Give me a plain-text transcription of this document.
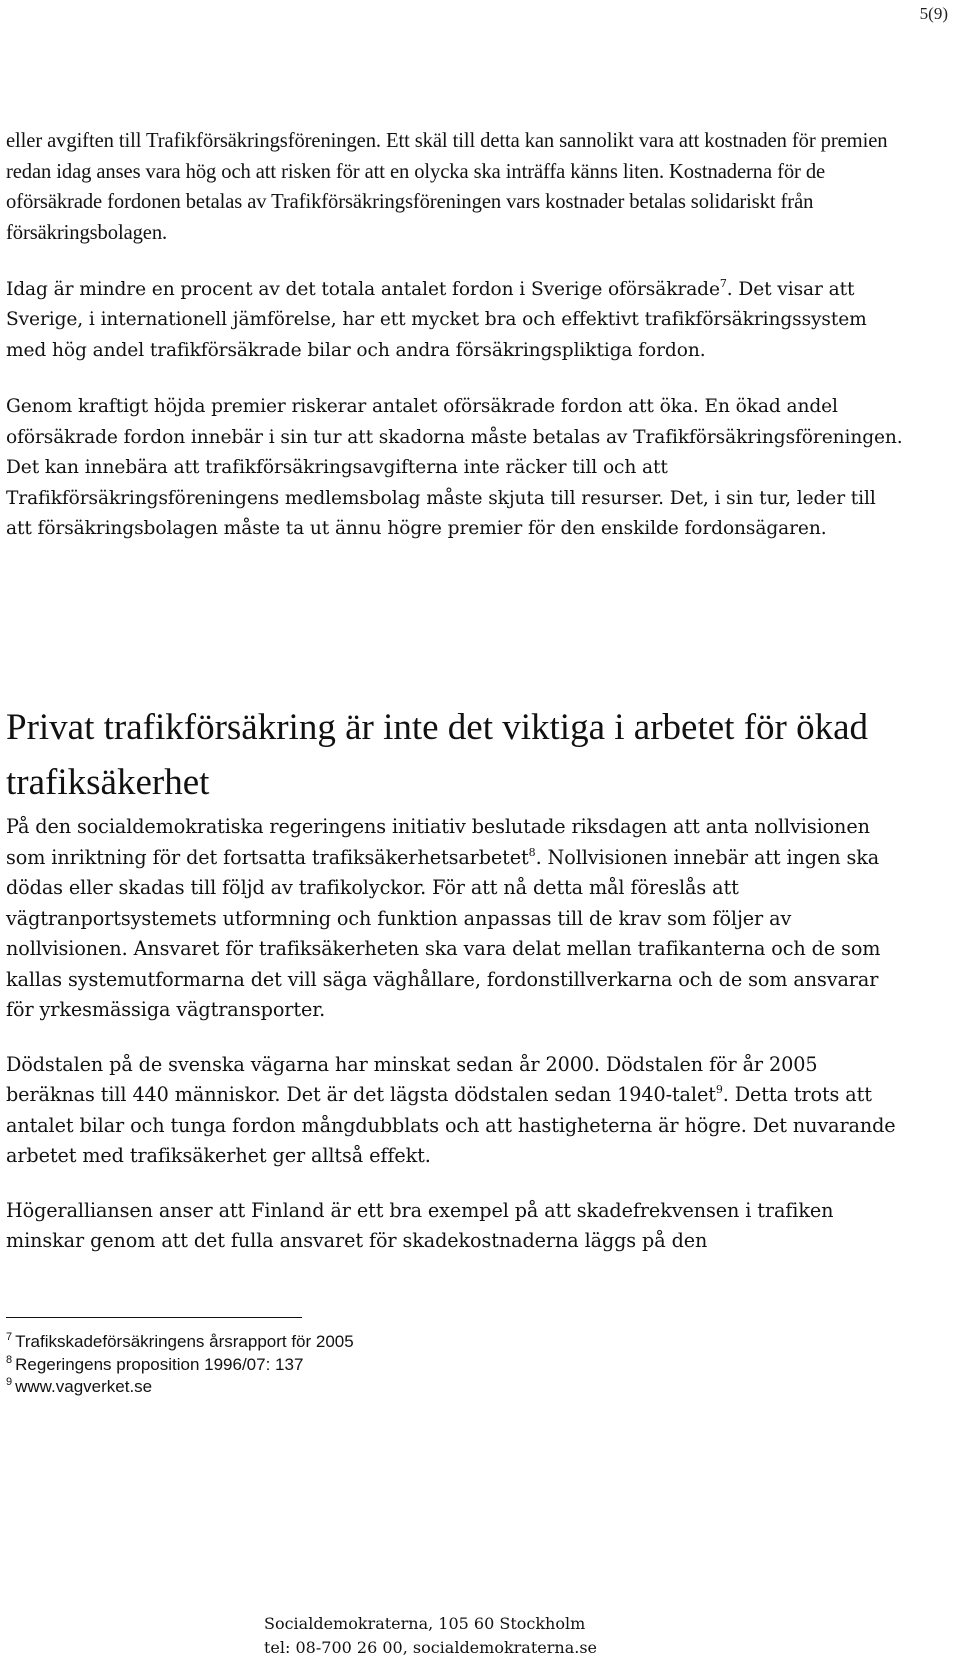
5(9)

eller avgiften till Trafikförsäkringsföreningen. Ett skäl till detta kan sannolikt vara att kostnaden för premien redan idag anses vara hög och att risken för att en olycka ska inträffa känns liten. Kostnaderna för de oförsäkrade fordonen betalas av Trafikförsäkringsföreningen vars kostnader betalas solidariskt från försäkringsbolagen.

Idag är mindre en procent av det totala antalet fordon i Sverige oförsäkrade$^7$. Det visar att Sverige, i internationell jämförelse, har ett mycket bra och effektivt trafikförsäkringssystem med hög andel trafikförsäkrade bilar och andra försäkringspliktiga fordon.

Genom kraftigt höjda premier riskerar antalet oförsäkrade fordon att öka. En ökad andel oförsäkrade fordon innebär i sin tur att skadorna måste betalas av Trafikförsäkringsföreningen. Det kan innebära att trafikförsäkringsavgifterna inte räcker till och att Trafikförsäkringsföreningens medlemsbolag måste skjuta till resurser. Det, i sin tur, leder till att försäkringsbolagen måste ta ut ännu högre premier för den enskilde fordonsägaren.

Privat trafikförsäkring är inte det viktiga i arbetet för ökad trafiksäkerhet

På den socialdemokratiska regeringens initiativ beslutade riksdagen att anta nollvisionen som inriktning för det fortsatta trafiksäkerhetsarbetet$^8$. Nollvisionen innebär att ingen ska dödas eller skadas till följd av trafikolyckor. För att nå detta mål föreslås att vägtranportsystemets utformning och funktion anpassas till de krav som följer av nollvisionen. Ansvaret för trafiksäkerheten ska vara delat mellan trafikanterna och de som kallas systemutformarna det vill säga väghållare, fordonstillverkarna och de som ansvarar för yrkesmässiga vägtransporter.

Dödstalen på de svenska vägarna har minskat sedan år 2000. Dödstalen för år 2005 beräknas till 440 människor. Det är det lägsta dödstalen sedan 1940-talet$^9$. Detta trots att antalet bilar och tunga fordon mångdubblats och att hastigheterna är högre. Det nuvarande arbetet med trafiksäkerhet ger alltså effekt.

Högeralliansen anser att Finland är ett bra exempel på att skadefrekvensen i trafiken minskar genom att det fulla ansvaret för skadekostnaderna läggs på den

$^7$ Trafikskadeförsäkringens årsrapport för 2005
$^8$ Regeringens proposition 1996/07: 137
$^9$ www.vagverket.se
Socialdemokraterna, 105 60 Stockholm
tel: 08-700 26 00, socialdemokraterna.se
